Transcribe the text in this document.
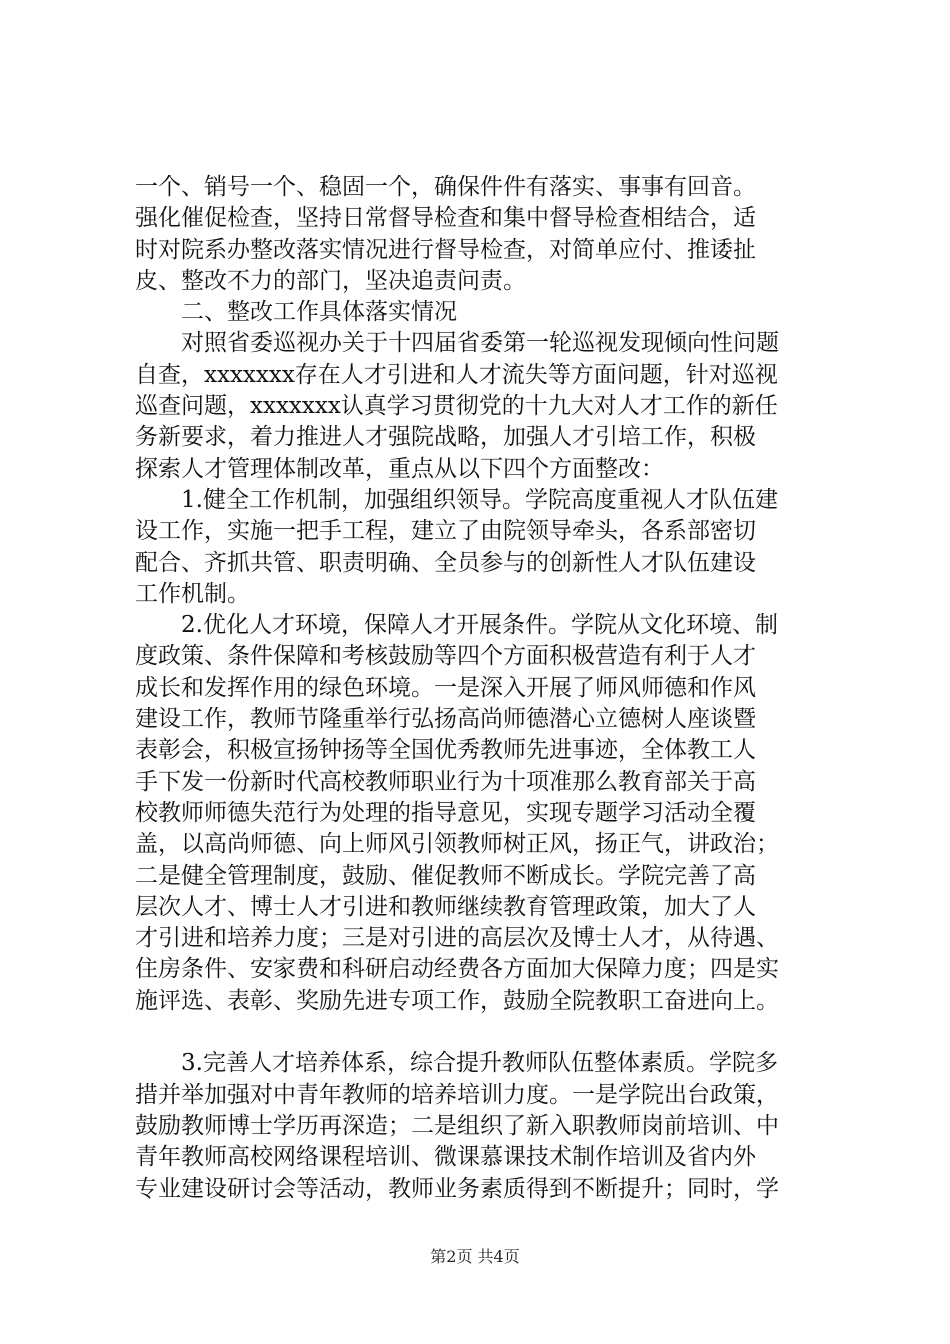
一个、销号一个、稳固一个，确保件件有落实、事事有回音。
强化催促检查，坚持日常督导检查和集中督导检查相结合，适
时对院系办整改落实情况进行督导检查，对简单应付、推诿扯
皮、整改不力的部门，坚决追责问责。
　　二、整改工作具体落实情况
　　对照省委巡视办关于十四届省委第一轮巡视发现倾向性问题
自查，xxxxxxx存在人才引进和人才流失等方面问题，针对巡视
巡查问题，xxxxxxx认真学习贯彻党的十九大对人才工作的新任
务新要求，着力推进人才强院战略，加强人才引培工作，积极
探索人才管理体制改革，重点从以下四个方面整改：
　　1.健全工作机制，加强组织领导。学院高度重视人才队伍建
设工作，实施一把手工程，建立了由院领导牵头，各系部密切
配合、齐抓共管、职责明确、全员参与的创新性人才队伍建设
工作机制。
　　2.优化人才环境，保障人才开展条件。学院从文化环境、制
度政策、条件保障和考核鼓励等四个方面积极营造有利于人才
成长和发挥作用的绿色环境。一是深入开展了师风师德和作风
建设工作，教师节隆重举行弘扬高尚师德潜心立德树人座谈暨
表彰会，积极宣扬钟扬等全国优秀教师先进事迹，全体教工人
手下发一份新时代高校教师职业行为十项准那么教育部关于高
校教师师德失范行为处理的指导意见，实现专题学习活动全覆
盖，以高尚师德、向上师风引领教师树正风，扬正气，讲政治；
二是健全管理制度，鼓励、催促教师不断成长。学院完善了高
层次人才、博士人才引进和教师继续教育管理政策，加大了人
才引进和培养力度；三是对引进的高层次及博士人才，从待遇、
住房条件、安家费和科研启动经费各方面加大保障力度；四是实
施评选、表彰、奖励先进专项工作，鼓励全院教职工奋进向上。
　　3.完善人才培养体系，综合提升教师队伍整体素质。学院多
措并举加强对中青年教师的培养培训力度。一是学院出台政策，
鼓励教师博士学历再深造；二是组织了新入职教师岗前培训、中
青年教师高校网络课程培训、微课慕课技术制作培训及省内外
专业建设研讨会等活动，教师业务素质得到不断提升；同时，学
第2页 共4页
